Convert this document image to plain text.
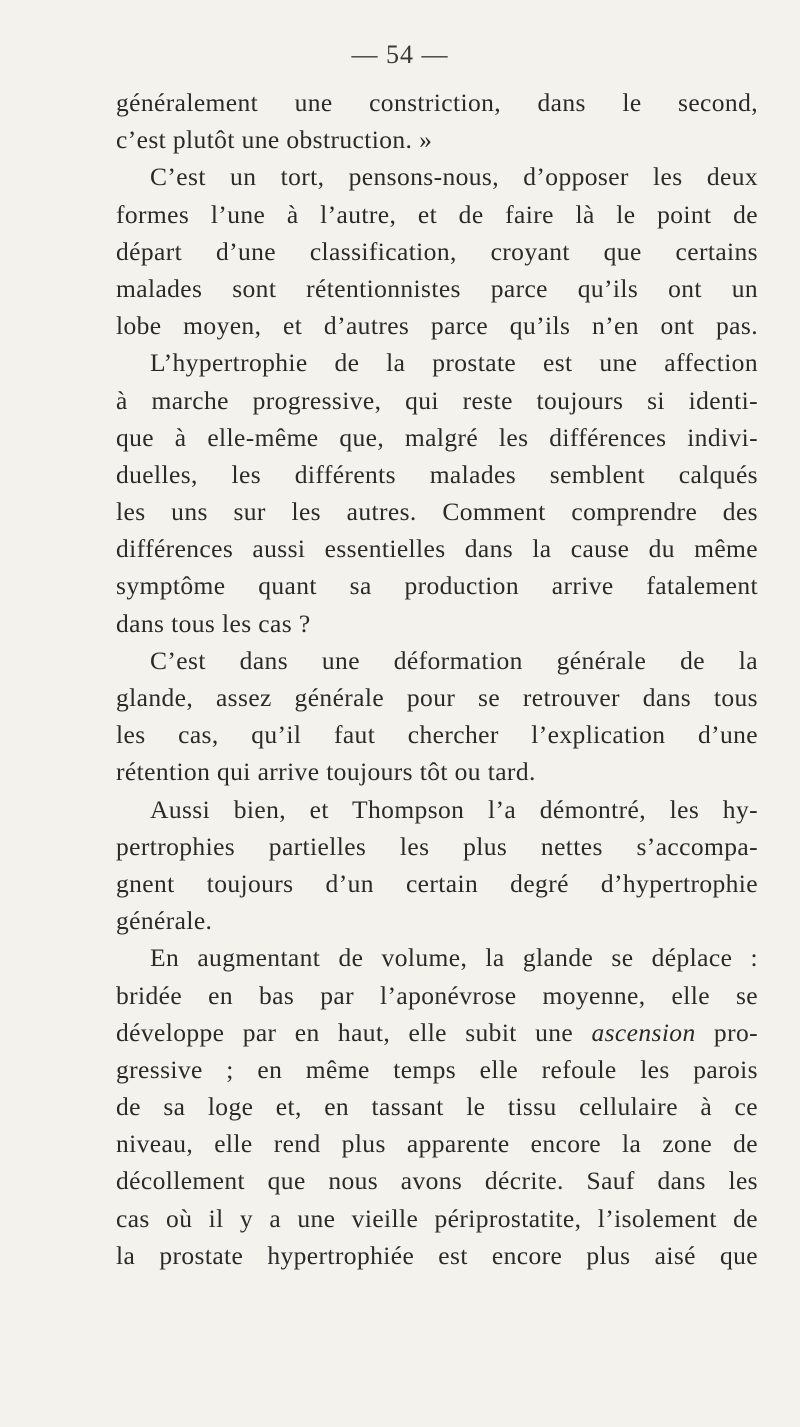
— 54 —
généralement une constriction, dans le second,
c’est plutôt une obstruction. »
C’est un tort, pensons-nous, d’opposer les deux
formes l’une à l’autre, et de faire là le point de
départ d’une classification, croyant que certains
malades sont rétentionnistes parce qu’ils ont un
lobe moyen, et d’autres parce qu’ils n’en ont pas.
L’hypertrophie de la prostate est une affection
à marche progressive, qui reste toujours si identi-
que à elle-même que, malgré les différences indivi-
duelles, les différents malades semblent calqués
les uns sur les autres. Comment comprendre des
différences aussi essentielles dans la cause du même
symptôme quant sa production arrive fatalement
dans tous les cas ?
C’est dans une déformation générale de la
glande, assez générale pour se retrouver dans tous
les cas, qu’il faut chercher l’explication d’une
rétention qui arrive toujours tôt ou tard.
Aussi bien, et Thompson l’a démontré, les hy-
pertrophies partielles les plus nettes s’accompa-
gnent toujours d’un certain degré d’hypertrophie
générale.
En augmentant de volume, la glande se déplace :
bridée en bas par l’aponévrose moyenne, elle se
développe par en haut, elle subit une ascension pro-
gressive ; en même temps elle refoule les parois
de sa loge et, en tassant le tissu cellulaire à ce
niveau, elle rend plus apparente encore la zone de
décollement que nous avons décrite. Sauf dans les
cas où il y a une vieille périprostatite, l’isolement de
la prostate hypertrophiée est encore plus aisé que
